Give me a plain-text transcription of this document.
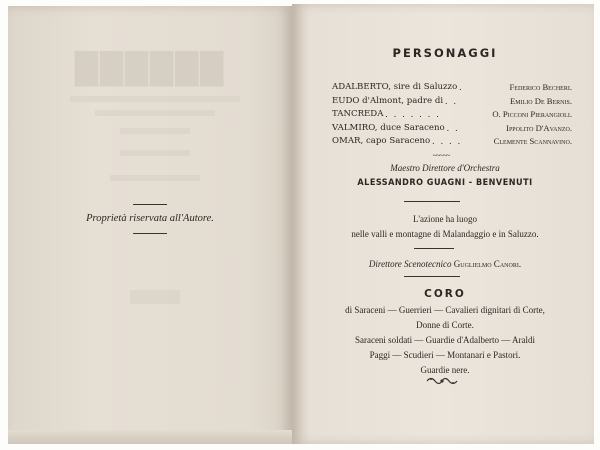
██████
Proprietà riservata all'Autore.
PERSONAGGI
ADALBERTO, sire di Saluzzo .	Federico Becheri.
EUDO d'Almont, padre di . .	Emilio De Bernis.
TANCREDA . . . . . . .	O. Picconi Pierangioli.
VALMIRO, duce Saraceno . .	Ippolito D'Avanzo.
OMAR, capo Saraceno . . . .	Clemente Scannavino.
~~~~~
Maestro Direttore d'Orchestra
ALESSANDRO GUAGNI - BENVENUTI
L'azione ha luogo
nelle valli e montagne di Malandaggio e in Saluzzo.
Direttore Scenotecnico Guglielmo Canori.
CORO
di Saraceni — Guerrieri — Cavalieri dignitari di Corte,
Donne di Corte.
Saraceni soldati — Guardie d'Adalberto — Araldi
Paggi — Scudieri — Montanari e Pastori.
Guardie nere.
